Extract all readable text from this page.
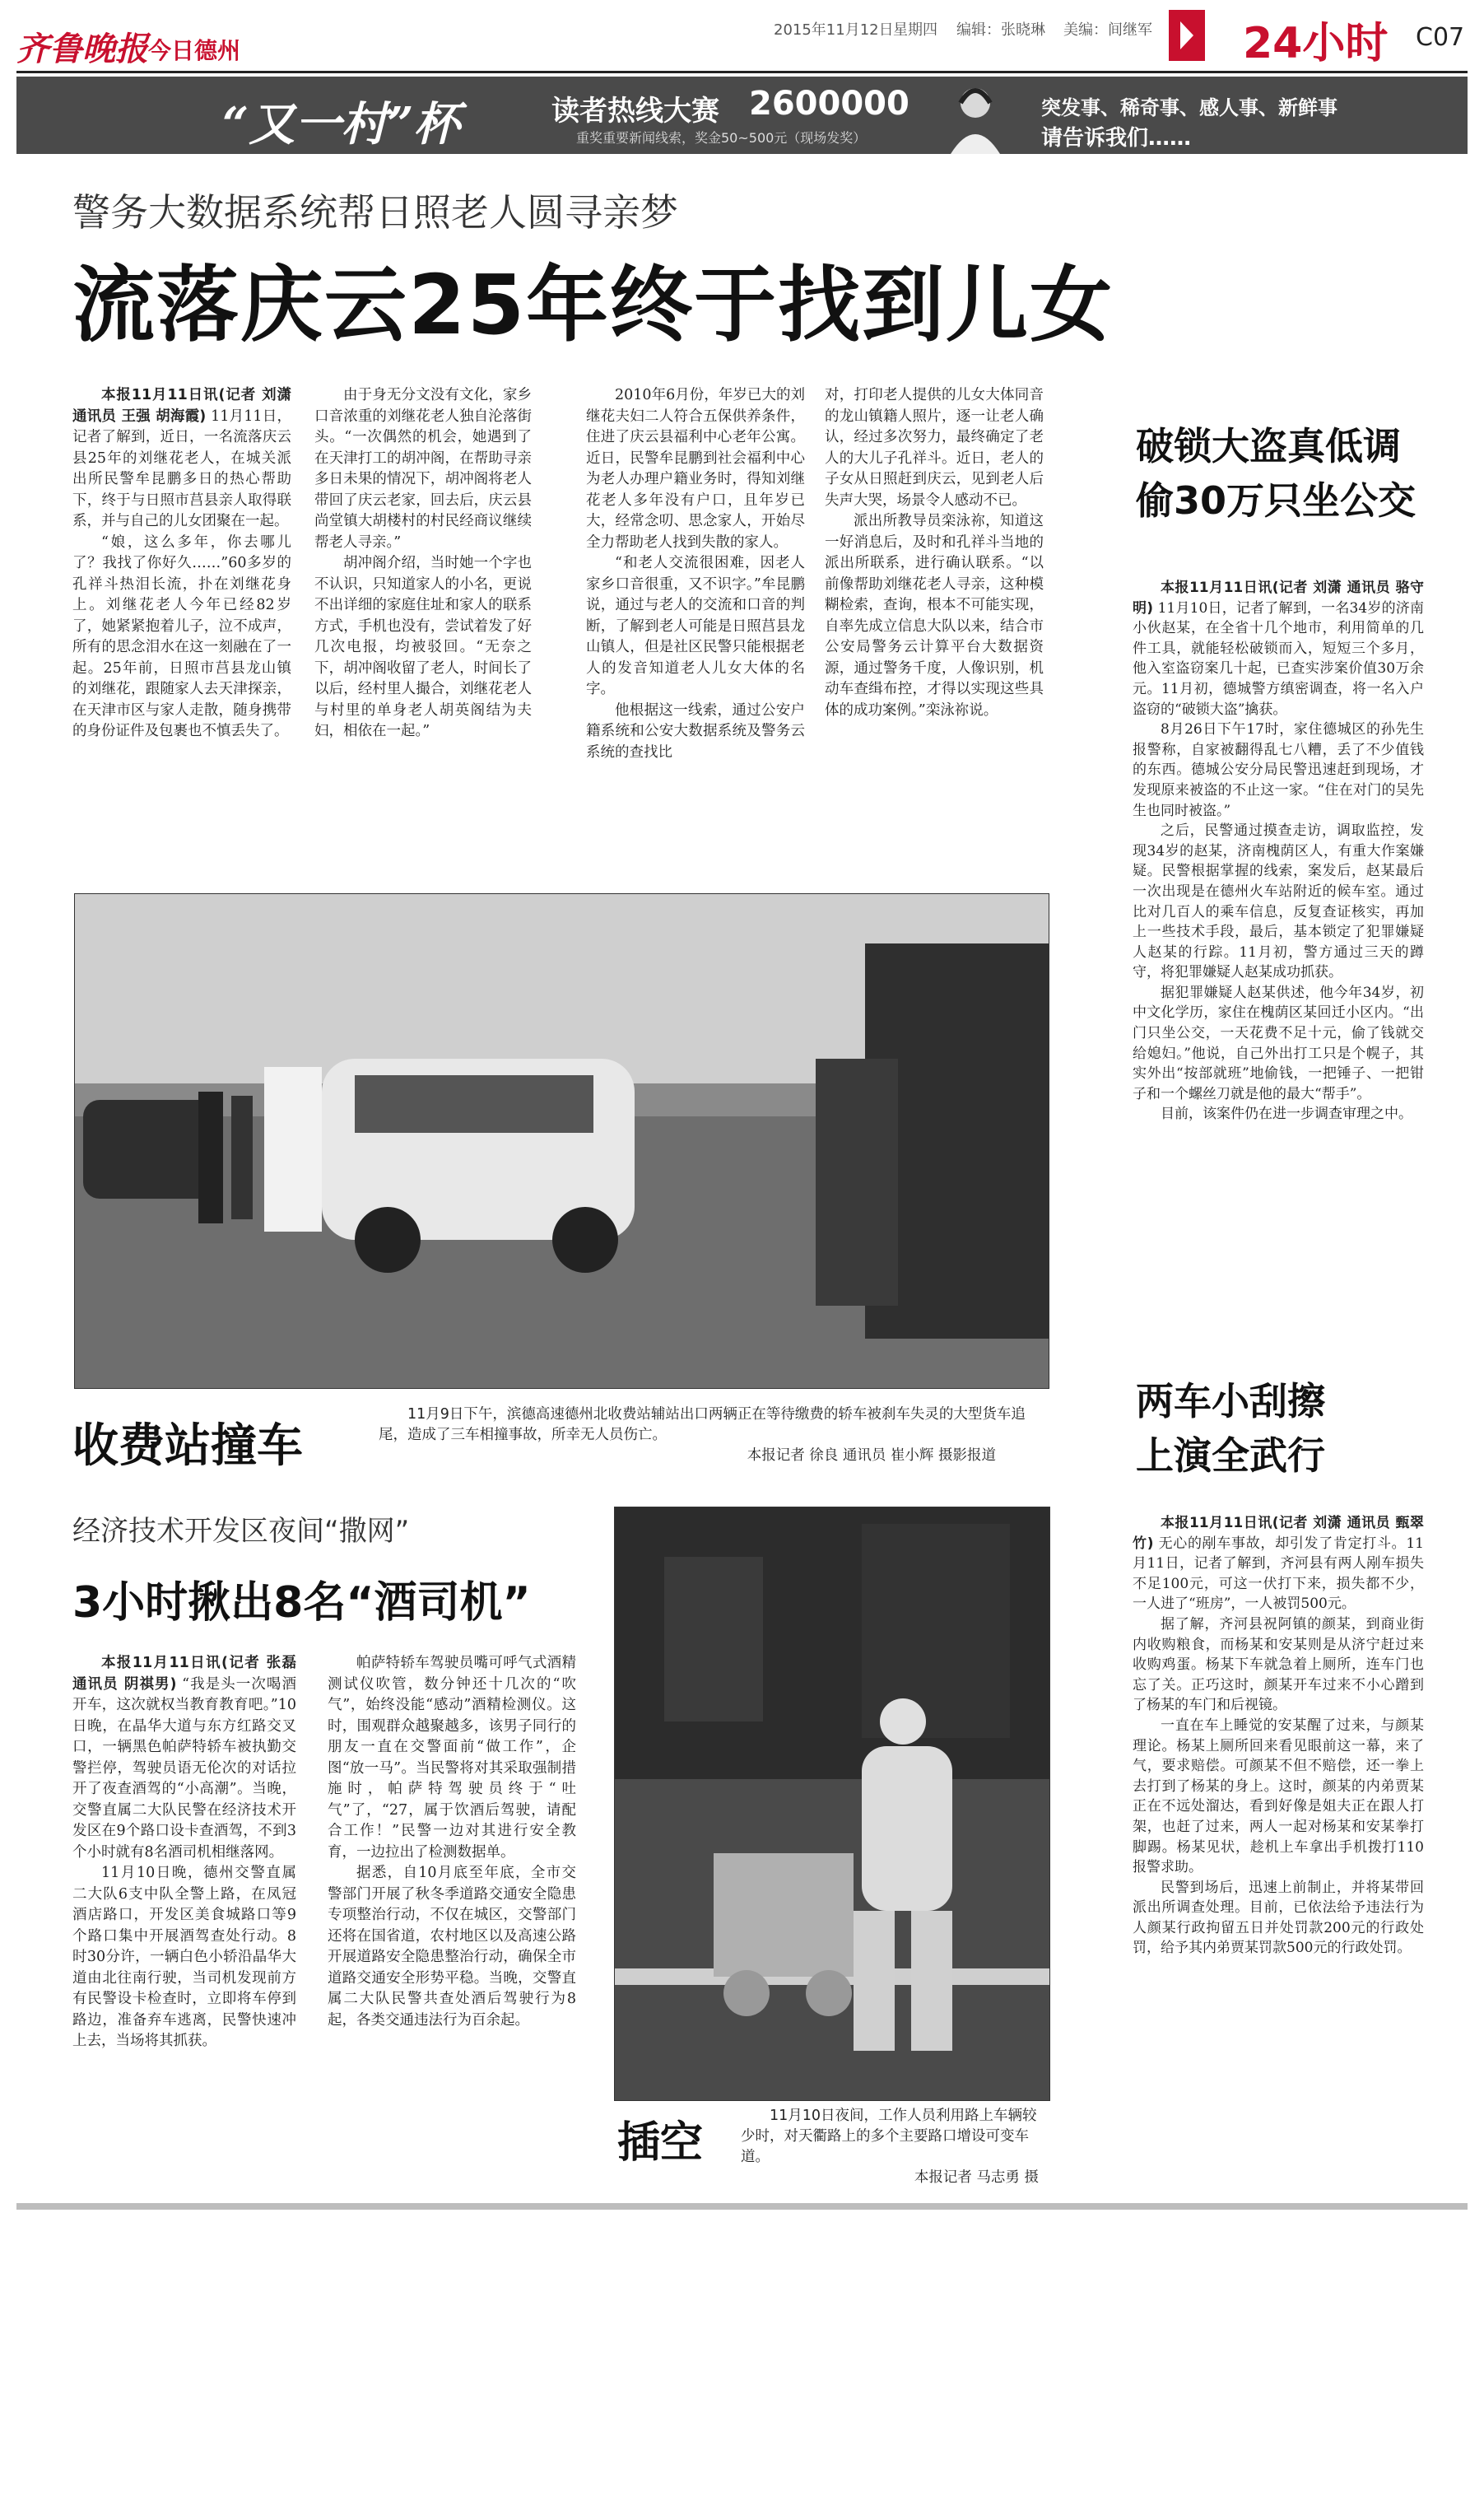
齐鲁晚报 今日德州
2015年11月12日 星期四 编辑：张晓琳 美编：间继军 24小时 C07
“又一村”杯	读者热线大赛 2600000
重奖重要新闻线索，奖金50~500元（现场发奖）
突发事、稀奇事、感人事、新鲜事
请告诉我们……
警务大数据系统帮日照老人圆寻亲梦
流落庆云25年终于找到儿女

本报11月11日讯(记者 刘潇 通讯员 王强 胡海霞) 11月11日，记者了解到，近日，一名流落庆云县25年的刘继花老人，在城关派出所民警牟昆鹏多日的热心帮助下，终于与日照市莒县亲人取得联系，并与自己的儿女团聚在一起。

“娘，这么多年，你去哪儿了？我找了你好久……”60多岁的孔祥斗热泪长流，扑在刘继花身上。刘继花老人今年已经82岁了，她紧紧抱着儿子，泣不成声，所有的思念泪水在这一刻融在了一起。25年前，日照市莒县龙山镇的刘继花，跟随家人去天津探亲，在天津市区与家人走散，随身携带的身份证件及包裹也不慎丢失了。

由于身无分文没有文化，家乡口音浓重的刘继花老人独自沦落街头。“一次偶然的机会，她遇到了在天津打工的胡冲阁，在帮助寻亲多日未果的情况下，胡冲阁将老人带回了庆云老家，回去后，庆云县尚堂镇大胡楼村的村民经商议继续帮老人寻亲。”

胡冲阁介绍，当时她一个字也不认识，只知道家人的小名，更说不出详细的家庭住址和家人的联系方式，手机也没有，尝试着发了好几次电报，均被驳回。“无奈之下，胡冲阁收留了老人，时间长了以后，经村里人撮合，刘继花老人与村里的单身老人胡英阁结为夫妇，相依在一起。”

2010年6月份，年岁已大的刘继花夫妇二人符合五保供养条件，住进了庆云县福利中心老年公寓。近日，民警牟昆鹏到社会福利中心为老人办理户籍业务时，得知刘继花老人多年没有户口，且年岁已大，经常念叨、思念家人，开始尽全力帮助老人找到失散的家人。

“和老人交流很困难，因老人家乡口音很重，又不识字。”牟昆鹏说，通过与老人的交流和口音的判断，了解到老人可能是日照莒县龙山镇人，但是社区民警只能根据老人的发音知道老人儿女大体的名字。

他根据这一线索，通过公安户籍系统和公安大数据系统及警务云系统的查找比

对，打印老人提供的儿女大体同音的龙山镇籍人照片，逐一让老人确认，经过多次努力，最终确定了老人的大儿子孔祥斗。近日，老人的子女从日照赶到庆云，见到老人后失声大哭，场景令人感动不已。

派出所教导员栾泳祢，知道这一好消息后，及时和孔祥斗当地的派出所联系，进行确认联系。“以前像帮助刘继花老人寻亲，这种模糊检索，查询，根本不可能实现，自率先成立信息大队以来，结合市公安局警务云计算平台大数据资源，通过警务千度，人像识别，机动车查缉布控，才得以实现这些具体的成功案例。”栾泳祢说。

收费站撞车

11月9日下午，滨德高速德州北收费站辅站出口两辆正在等待缴费的轿车被刹车失灵的大型货车追尾，造成了三车相撞事故，所幸无人员伤亡。

本报记者 徐良 通讯员 崔小辉 摄影报道
经济技术开发区夜间“撒网”
3小时揪出8名“酒司机”

本报11月11日讯(记者 张磊 通讯员 阴祺男) “我是头一次喝酒开车，这次就权当教育教育吧。”10日晚，在晶华大道与东方红路交叉口，一辆黑色帕萨特轿车被执勤交警拦停，驾驶员语无伦次的对话拉开了夜查酒驾的“小高潮”。当晚，交警直属二大队民警在经济技术开发区在9个路口设卡查酒驾，不到3个小时就有8名酒司机相继落网。

11月10日晚，德州交警直属二大队6支中队全警上路，在凤冠酒店路口，开发区美食城路口等9个路口集中开展酒驾查处行动。8时30分许，一辆白色小轿沿晶华大道由北往南行驶，当司机发现前方有民警设卡检查时，立即将车停到路边，准备弃车逃离，民警快速冲上去，当场将其抓获。

帕萨特轿车驾驶员嘴可呼气式酒精测试仪吹管，数分钟还十几次的“吹气”，始终没能“感动”酒精检测仪。这时，围观群众越聚越多，该男子同行的朋友一直在交警面前“做工作”，企图“放一马”。当民警将对其采取强制措施时，帕萨特驾驶员终于“吐气”了，“27，属于饮酒后驾驶，请配合工作！”民警一边对其进行安全教育，一边拉出了检测数据单。

据悉，自10月底至年底，全市交警部门开展了秋冬季道路交通安全隐患专项整治行动，不仅在城区，交警部门还将在国省道，农村地区以及高速公路开展道路安全隐患整治行动，确保全市道路交通安全形势平稳。当晚，交警直属二大队民警共查处酒后驾驶行为8起，各类交通违法行为百余起。

插空

11月10日夜间，工作人员利用路上车辆较少时，对天衢路上的多个主要路口增设可变车道。

本报记者 马志勇 摄
破锁大盗真低调
偷30万只坐公交

本报11月11日讯(记者 刘潇 通讯员 骆守明) 11月10日，记者了解到，一名34岁的济南小伙赵某，在全省十几个地市，利用简单的几件工具，就能轻松破锁而入，短短三个多月，他入室盗窃案几十起，已查实涉案价值30万余元。11月初，德城警方缜密调查，将一名入户盗窃的“破锁大盗”擒获。

8月26日下午17时，家住德城区的孙先生报警称，自家被翻得乱七八糟，丢了不少值钱的东西。德城公安分局民警迅速赶到现场，才发现原来被盗的不止这一家。“住在对门的吴先生也同时被盗。”

之后，民警通过摸查走访，调取监控，发现34岁的赵某，济南槐荫区人，有重大作案嫌疑。民警根据掌握的线索，案发后，赵某最后一次出现是在德州火车站附近的候车室。通过比对几百人的乘车信息，反复查证核实，再加上一些技术手段，最后，基本锁定了犯罪嫌疑人赵某的行踪。11月初，警方通过三天的蹲守，将犯罪嫌疑人赵某成功抓获。

据犯罪嫌疑人赵某供述，他今年34岁，初中文化学历，家住在槐荫区某回迁小区内。“出门只坐公交，一天花费不足十元，偷了钱就交给媳妇。”他说，自己外出打工只是个幌子，其实外出“按部就班”地偷钱，一把锤子、一把钳子和一个螺丝刀就是他的最大“帮手”。

目前，该案件仍在进一步调查审理之中。

两车小刮擦
上演全武行

本报11月11日讯(记者 刘潇 通讯员 甄翠竹) 无心的剐车事故，却引发了肯定打斗。11月11日，记者了解到，齐河县有两人剐车损失不足100元，可这一伏打下来，损失都不少，一人进了“班房”，一人被罚500元。

据了解，齐河县祝阿镇的颜某，到商业街内收购粮食，而杨某和安某则是从济宁赶过来收购鸡蛋。杨某下车就急着上厕所，连车门也忘了关。正巧这时，颜某开车过来不小心蹭到了杨某的车门和后视镜。

一直在车上睡觉的安某醒了过来，与颜某理论。杨某上厕所回来看见眼前这一幕，来了气，要求赔偿。可颜某不但不赔偿，还一拳上去打到了杨某的身上。这时，颜某的内弟贾某正在不远处溜达，看到好像是姐夫正在跟人打架，也赶了过来，两人一起对杨某和安某拳打脚踢。杨某见状，趁机上车拿出手机拨打110报警求助。

民警到场后，迅速上前制止，并将某带回派出所调查处理。目前，已依法给予违法行为人颜某行政拘留五日并处罚款200元的行政处罚，给予其内弟贾某罚款500元的行政处罚。
